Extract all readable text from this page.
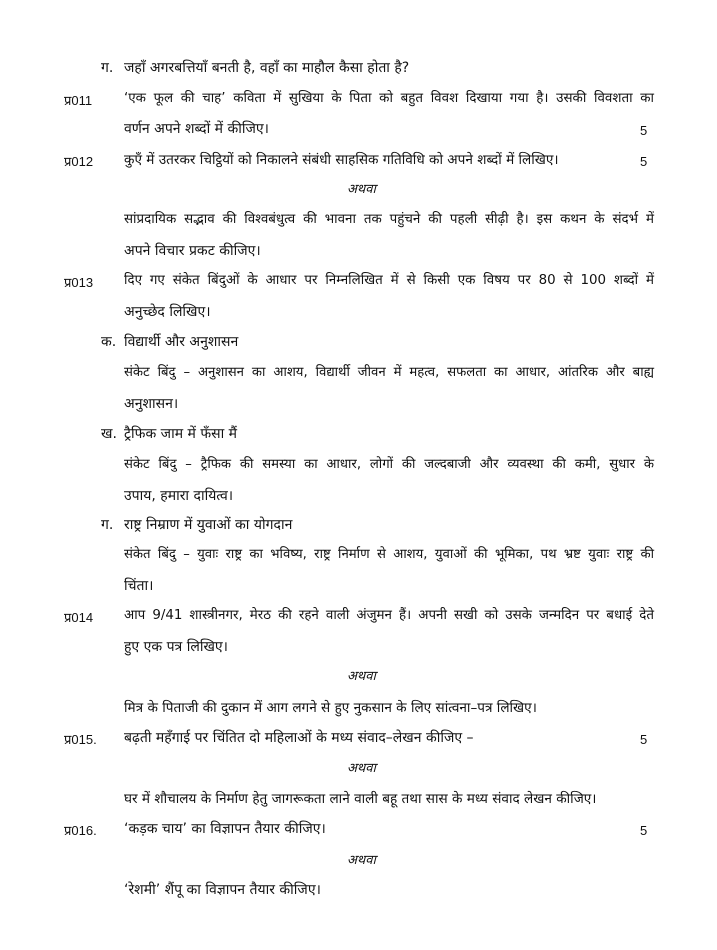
ग. जहाँ अगरबत्तियाँ बनती है, वहाँ का माहौल कैसा होता है?
प्र011 ‘एक फूल की चाह’ कविता में सुखिया के पिता को बहुत विवश दिखाया गया है। उसकी विवशता का
वर्णन अपने शब्दों में कीजिए।	5
प्र012 कुएँ में उतरकर चिट्ठियों को निकालने संबंधी साहसिक गतिविधि को अपने शब्दों में लिखिए।	5
अथवा
सांप्रदायिक सद्भाव की विश्वबंधुत्व की भावना तक पहुंचने की पहली सीढ़ी है। इस कथन के संदर्भ में
अपने विचार प्रकट कीजिए।
प्र013 दिए गए संकेत बिंदुओं के आधार पर निम्नलिखित में से किसी एक विषय पर 80 से 100 शब्दों में
अनुच्छेद लिखिए।
क. विद्यार्थी और अनुशासन
संकेट बिंदु – अनुशासन का आशय, विद्यार्थी जीवन में महत्व, सफलता का आधार, आंतरिक और बाह्य
अनुशासन।
ख. ट्रैफिक जाम में फँसा मैं
संकेट बिंदु – ट्रैफिक की समस्या का आधार, लोगों की जल्दबाजी और व्यवस्था की कमी, सुधार के
उपाय, हमारा दायित्व।
ग. राष्ट्र निम्राण में युवाओं का योगदान
संकेत बिंदु – युवाः राष्ट्र का भविष्य, राष्ट्र निर्माण से आशय, युवाओं की भूमिका, पथ भ्रष्ट युवाः राष्ट्र की
चिंता।
प्र014 आप 9/41 शास्त्रीनगर, मेरठ की रहने वाली अंजुमन हैं। अपनी सखी को उसके जन्मदिन पर बधाई देते
हुए एक पत्र लिखिए।
अथवा
मित्र के पिताजी की दुकान में आग लगने से हुए नुकसान के लिए सांत्वना–पत्र लिखिए।
प्र015. बढ़ती महँगाई पर चिंतित दो महिलाओं के मध्य संवाद–लेखन कीजिए –	5
अथवा
घर में शौचालय के निर्माण हेतु जागरूकता लाने वाली बहू तथा सास के मध्य संवाद लेखन कीजिए।
प्र016. ‘कड़क चाय’ का विज्ञापन तैयार कीजिए।	5
अथवा
‘रेशमी’ शैंपू का विज्ञापन तैयार कीजिए।
